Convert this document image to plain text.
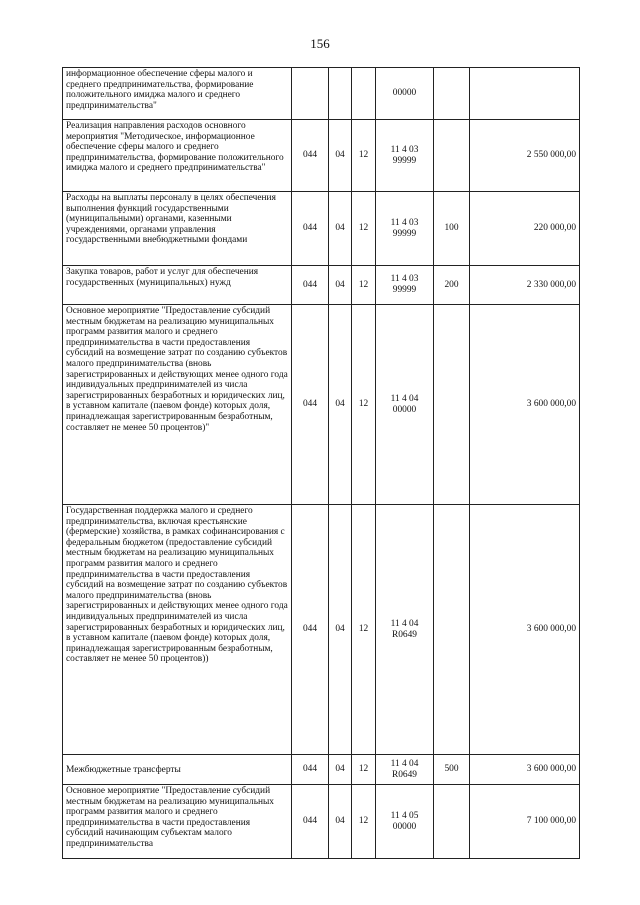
156
информационное обеспечение сферы малого и среднего предпринимательства, формирование положительного имиджа малого и среднего предпринимательства"				00000		
Реализация направления расходов основного мероприятия "Методическое, информационное обеспечение сферы малого и среднего предпринимательства, формирование положительного имиджа малого и среднего предпринимательства"	044	04	12	11 4 03 99999		2 550 000,00
Расходы на выплаты персоналу в целях обеспечения выполнения функций государственными (муниципальными) органами, казенными учреждениями, органами управления государственными внебюджетными фондами	044	04	12	11 4 03 99999	100	220 000,00
Закупка товаров, работ и услуг для обеспечения государственных (муниципальных) нужд	044	04	12	11 4 03 99999	200	2 330 000,00
Основное мероприятие "Предоставление субсидий местным бюджетам на реализацию муниципальных программ развития малого и среднего предпринимательства в части предоставления субсидий на возмещение затрат по созданию субъектов малого предпринимательства (вновь зарегистрированных и действующих менее одного года индивидуальных предпринимателей из числа зарегистрированных безработных и юридических лиц, в уставном капитале (паевом фонде) которых доля, принадлежащая зарегистрированным безработным, составляет не менее 50 процентов)"	044	04	12	11 4 04 00000		3 600 000,00
Государственная поддержка малого и среднего предпринимательства, включая крестьянские (фермерские) хозяйства, в рамках софинансирования с федеральным бюджетом (предоставление субсидий местным бюджетам на реализацию муниципальных программ развития малого и среднего предпринимательства в части предоставления субсидий на возмещение затрат по созданию субъектов малого предпринимательства (вновь зарегистрированных и действующих менее одного года индивидуальных предпринимателей из числа зарегистрированных безработных и юридических лиц, в уставном капитале (паевом фонде) которых доля, принадлежащая зарегистрированным безработным, составляет не менее 50 процентов))	044	04	12	11 4 04 R0649		3 600 000,00
Межбюджетные трансферты	044	04	12	11 4 04 R0649	500	3 600 000,00
Основное мероприятие "Предоставление субсидий местным бюджетам на реализацию муниципальных программ развития малого и среднего предпринимательства в части предоставления субсидий начинающим субъектам малого предпринимательства	044	04	12	11 4 05 00000		7 100 000,00
